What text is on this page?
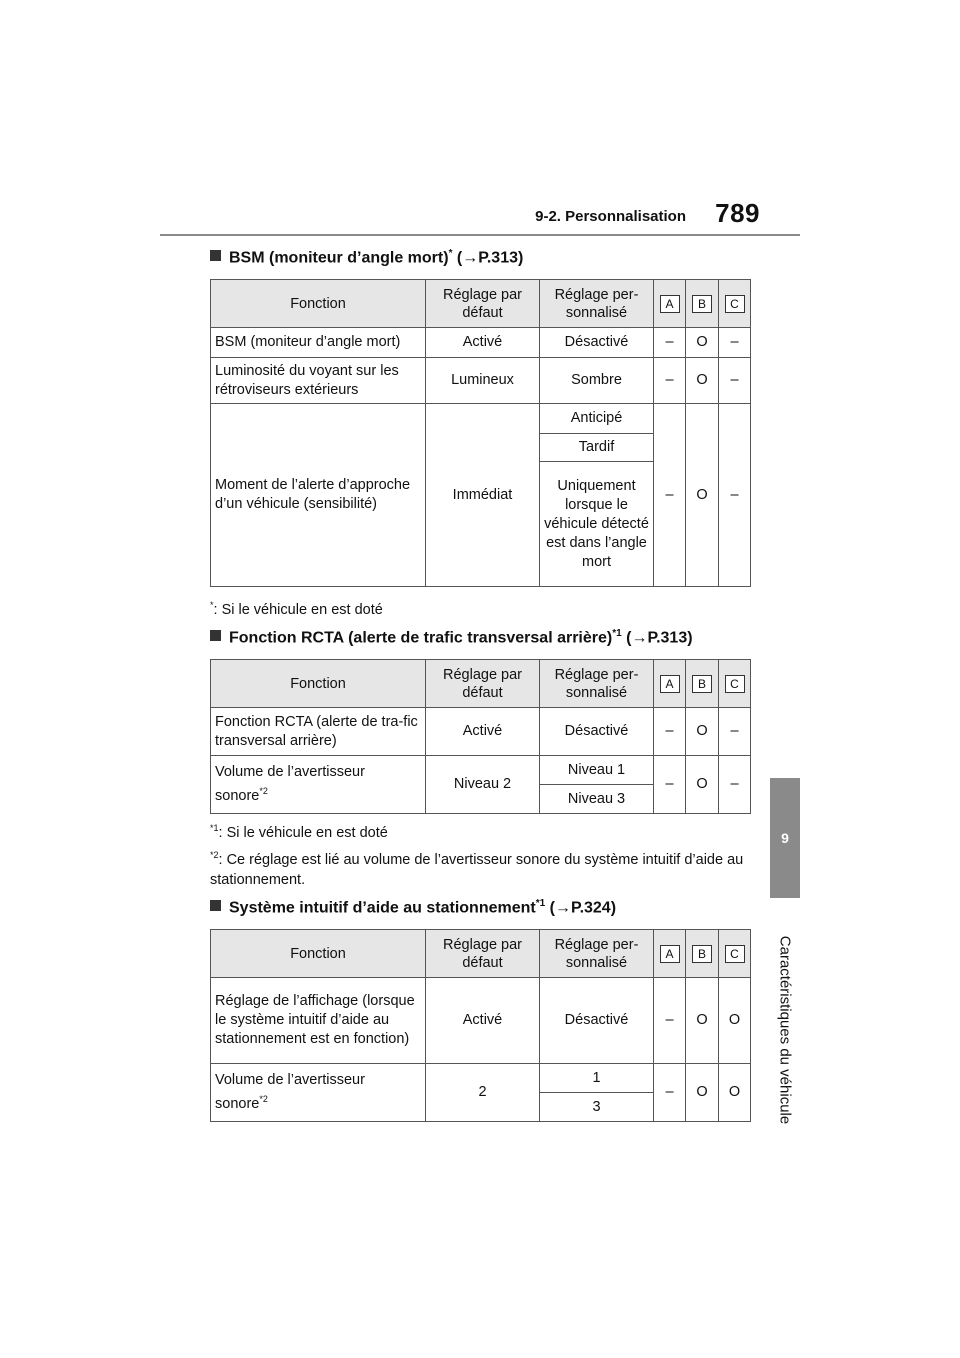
9-2. Personnalisation 789
9
Caractéristiques du véhicule
BSM (moniteur d’angle mort)* (→P.313)
Fonction	Réglage par défaut	Réglage per-sonnalisé	A	B	C
BSM (moniteur d’angle mort)	Activé	Désactivé	–	O	–
Luminosité du voyant sur les rétroviseurs extérieurs	Lumineux	Sombre	–	O	–
Moment de l’alerte d’approche d’un véhicule (sensibilité)	Immédiat	Anticipé	–	O	–
		Tardif			
		Uniquement lorsque le véhicule détecté est dans l’angle mort			
*: Si le véhicule en est doté
Fonction RCTA (alerte de trafic transversal arrière)$^{*1}$ (→P.313)
Fonction	Réglage par défaut	Réglage per-sonnalisé	A	B	C
Fonction RCTA (alerte de tra-fic transversal arrière)	Activé	Désactivé	–	O	–
Volume de l’avertisseur sonore$^{*2}$	Niveau 2	Niveau 1	–	O	–
		Niveau 3			
$^{*1}$: Si le véhicule en est doté
$^{*2}$: Ce réglage est lié au volume de l’avertisseur sonore du système intuitif d’aide au stationnement.
Système intuitif d’aide au stationnement$^{*1}$ (→P.324)
Fonction	Réglage par défaut	Réglage per-sonnalisé	A	B	C
Réglage de l’affichage (lorsque le système intuitif d’aide au stationnement est en fonction)	Activé	Désactivé	–	O	O
Volume de l’avertisseur sonore$^{*2}$	2	1	–	O	O
		3			
